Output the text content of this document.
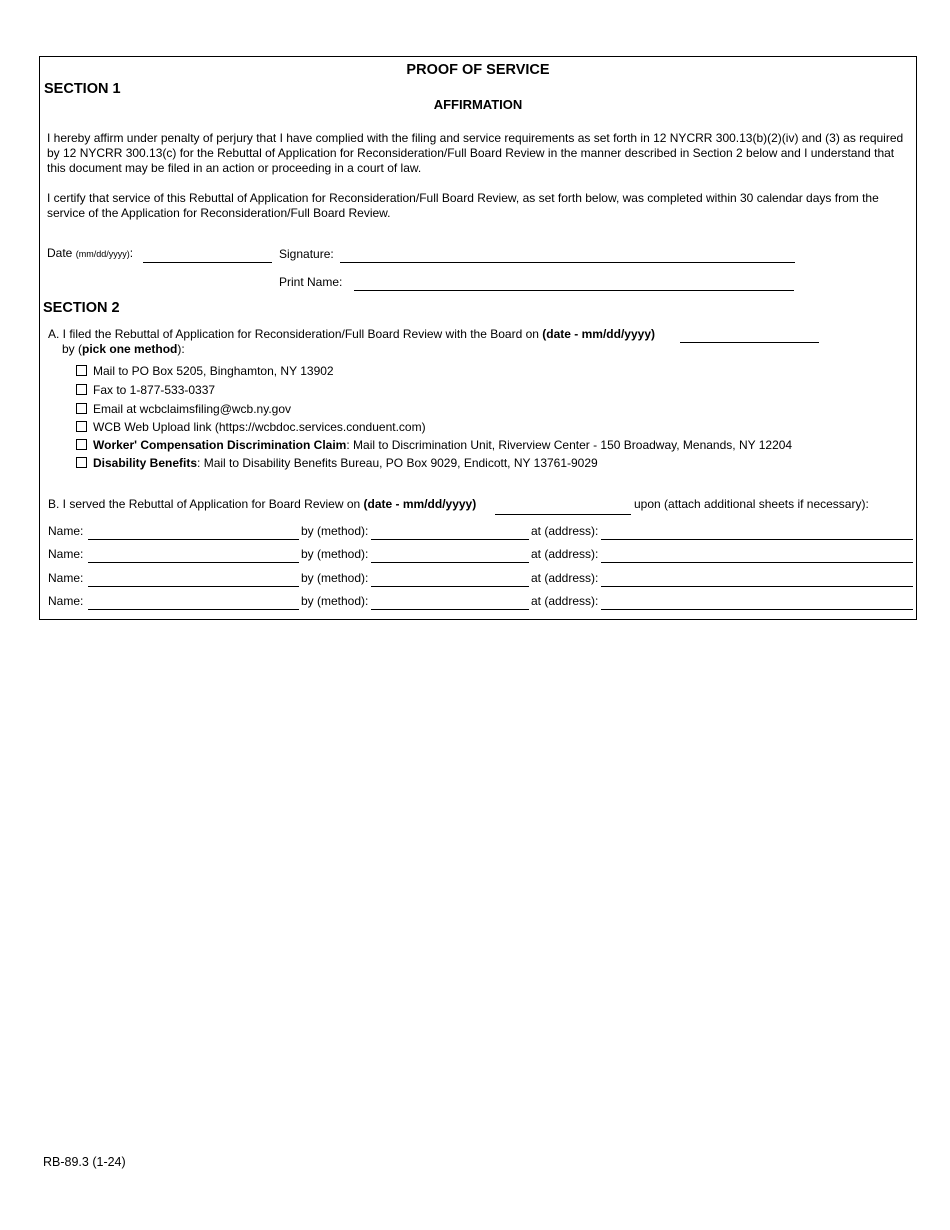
PROOF OF SERVICE
SECTION 1
AFFIRMATION
I hereby affirm under penalty of perjury that I have complied with the filing and service requirements as set forth in 12 NYCRR 300.13(b)(2)(iv) and (3) as required by 12 NYCRR 300.13(c) for the Rebuttal of Application for Reconsideration/Full Board Review in the manner described in Section 2 below and I understand that this document may be filed in an action or proceeding in a court of law.
I certify that service of this Rebuttal of Application for Reconsideration/Full Board Review, as set forth below, was completed within 30 calendar days from the service of the Application for Reconsideration/Full Board Review.
Date (mm/dd/yyyy):	Signature:
Print Name:
SECTION 2
A. I filed the Rebuttal of Application for Reconsideration/Full Board Review with the Board on (date - mm/dd/yyyy)
by (pick one method):
Mail to PO Box 5205, Binghamton, NY 13902
Fax to 1-877-533-0337
Email at wcbclaimsfiling@wcb.ny.gov
WCB Web Upload link (https://wcbdoc.services.conduent.com)
Worker' Compensation Discrimination Claim: Mail to Discrimination Unit, Riverview Center - 150 Broadway, Menands, NY 12204
Disability Benefits: Mail to Disability Benefits Bureau, PO Box 9029, Endicott, NY 13761-9029
B. I served the Rebuttal of Application for Board Review on (date - mm/dd/yyyy)	upon (attach additional sheets if necessary):
Name:	by (method):	at (address):
Name:	by (method):	at (address):
Name:	by (method):	at (address):
Name:	by (method):	at (address):
RB-89.3 (1-24)
